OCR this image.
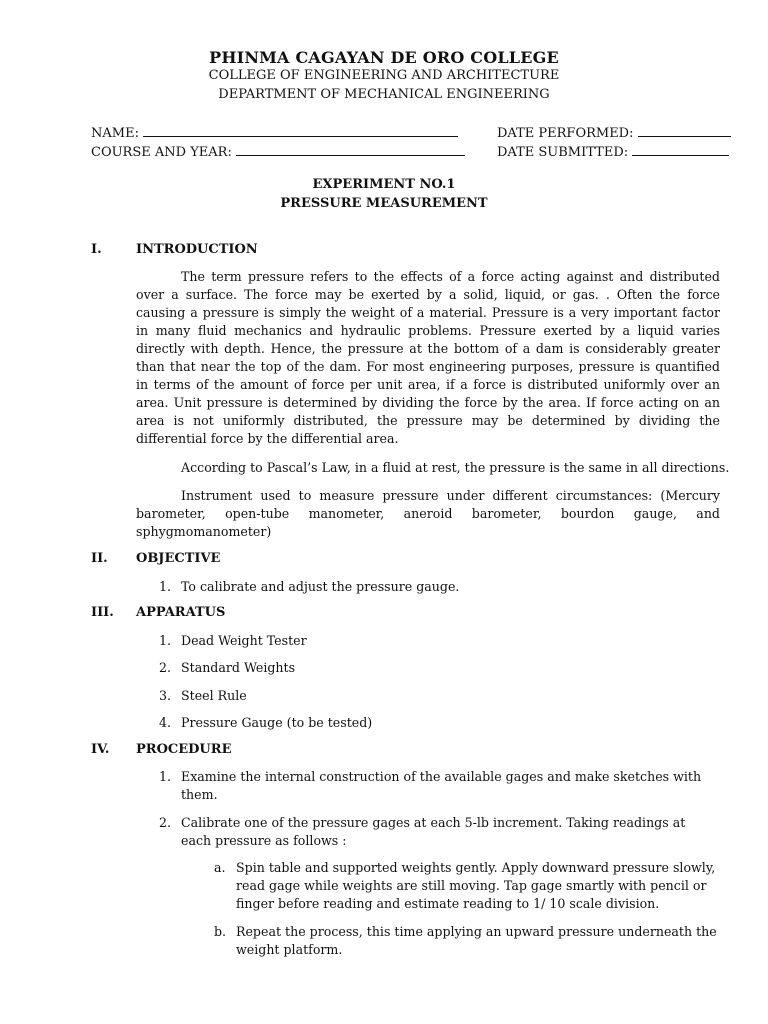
PHINMA CAGAYAN DE ORO COLLEGE
COLLEGE OF ENGINEERING AND ARCHITECTURE
DEPARTMENT OF MECHANICAL ENGINEERING
NAME:
COURSE AND YEAR:
DATE PERFORMED:
DATE SUBMITTED:
EXPERIMENT NO.1
PRESSURE MEASUREMENT
I.	INTRODUCTION
The term pressure refers to the effects of a force acting against and distributed over a surface. The force may be exerted by a solid, liquid, or gas. . Often the force causing a pressure is simply the weight of a material. Pressure is a very important factor in many fluid mechanics and hydraulic problems. Pressure exerted by a liquid varies directly with depth. Hence, the pressure at the bottom of a dam is considerably greater than that near the top of the dam. For most engineering purposes, pressure is quantified in terms of the amount of force per unit area, if a force is distributed uniformly over an area. Unit pressure is determined by dividing the force by the area. If force acting on an area is not uniformly distributed, the pressure may be determined by dividing the differential force by the differential area.
According to Pascal’s Law, in a fluid at rest, the pressure is the same in all directions.
Instrument used to measure pressure under different circumstances: (Mercury barometer, open-tube manometer, aneroid barometer, bourdon gauge, and sphygmomanometer)
II. OBJECTIVE
1. To calibrate and adjust the pressure gauge.
III. APPARATUS
1. Dead Weight Tester
2. Standard Weights
3. Steel Rule
4. Pressure Gauge (to be tested)
IV. PROCEDURE
1. Examine the internal construction of the available gages and make sketches with them.
2. Calibrate one of the pressure gages at each 5-lb increment. Taking readings at each pressure as follows :
a. Spin table and supported weights gently. Apply downward pressure slowly, read gage while weights are still moving. Tap gage smartly with pencil or finger before reading and estimate reading to 1/ 10 scale division.
b. Repeat the process, this time applying an upward pressure underneath the weight platform.
